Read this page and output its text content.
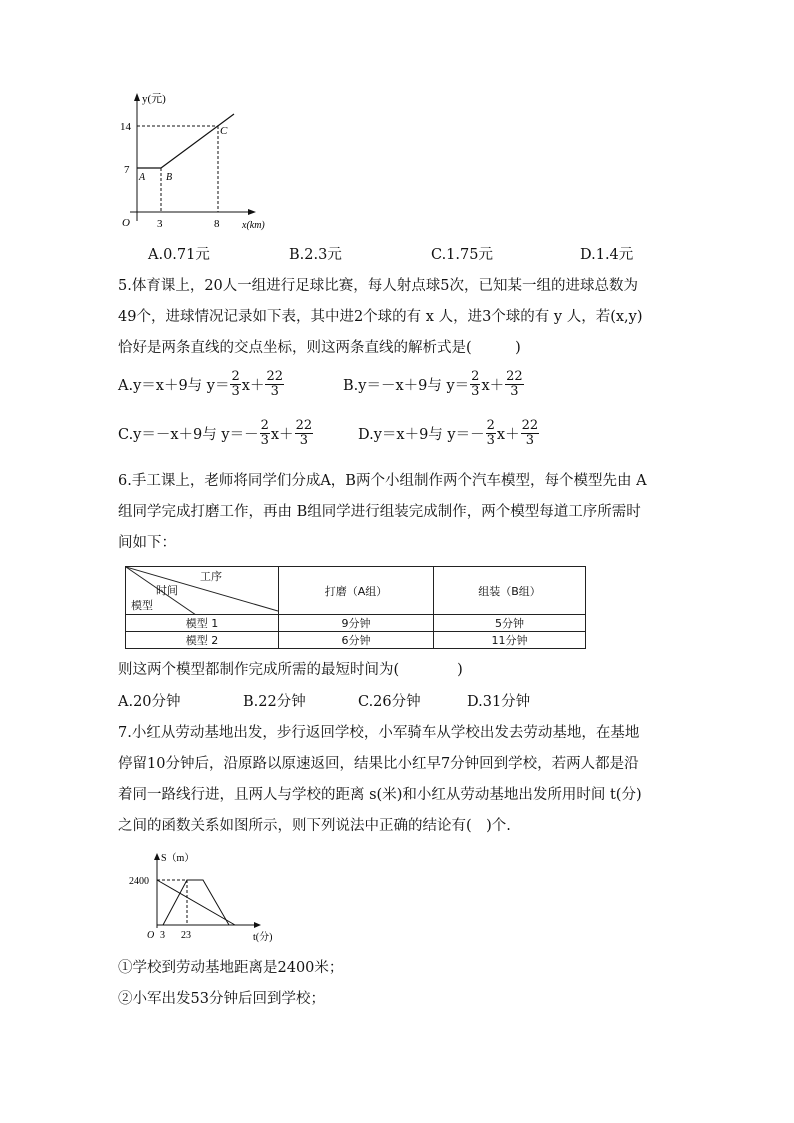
y(元)
x(km)
O
14
7
3	8
A B
C
A.0.71元	B.2.3元	C.1.75元	D.1.4元
5.体育课上，20人一组进行足球比赛，每人射点球5次，已知某一组的进球总数为
49个，进球情况记录如下表，其中进2个球的有 x 人，进3个球的有 y 人，若(x,y)
恰好是两条直线的交点坐标，则这两条直线的解析式是(　　　)
A.y＝x＋9与 $y= \frac{2}{3} x+ \frac{22}{3}$	B.y＝－x＋9与 $y= \frac{2}{3} x+ \frac{22}{3}$
C.y＝－x＋9与 $y=- \frac{2}{3} x+ \frac{22}{3}$	D.y＝x＋9与 $y=- \frac{2}{3} x+ \frac{22}{3}$
6.手工课上，老师将同学们分成A，B两个小组制作两个汽车模型，每个模型先由 A
组同学完成打磨工作，再由 B组同学进行组装完成制作，两个模型每道工序所需时
间如下：
工序
时间
模型	打磨（A组）	组装（B组）
模型 1	9分钟	5分钟
模型 2	6分钟	11分钟
则这两个模型都制作完成所需的最短时间为(　　　　)
A.20分钟	B.22分钟	C.26分钟	D.31分钟
7.小红从劳动基地出发，步行返回学校，小军骑车从学校出发去劳动基地，在基地
停留10分钟后，沿原路以原速返回，结果比小红早7分钟回到学校，若两人都是沿
着同一路线行进，且两人与学校的距离 s(米)和小红从劳动基地出发所用时间 t(分)
之间的函数关系如图所示，则下列说法中正确的结论有(　)个.
S（m）
t(分)
2400
O 3 23
①学校到劳动基地距离是2400米；
②小军出发53分钟后回到学校；
